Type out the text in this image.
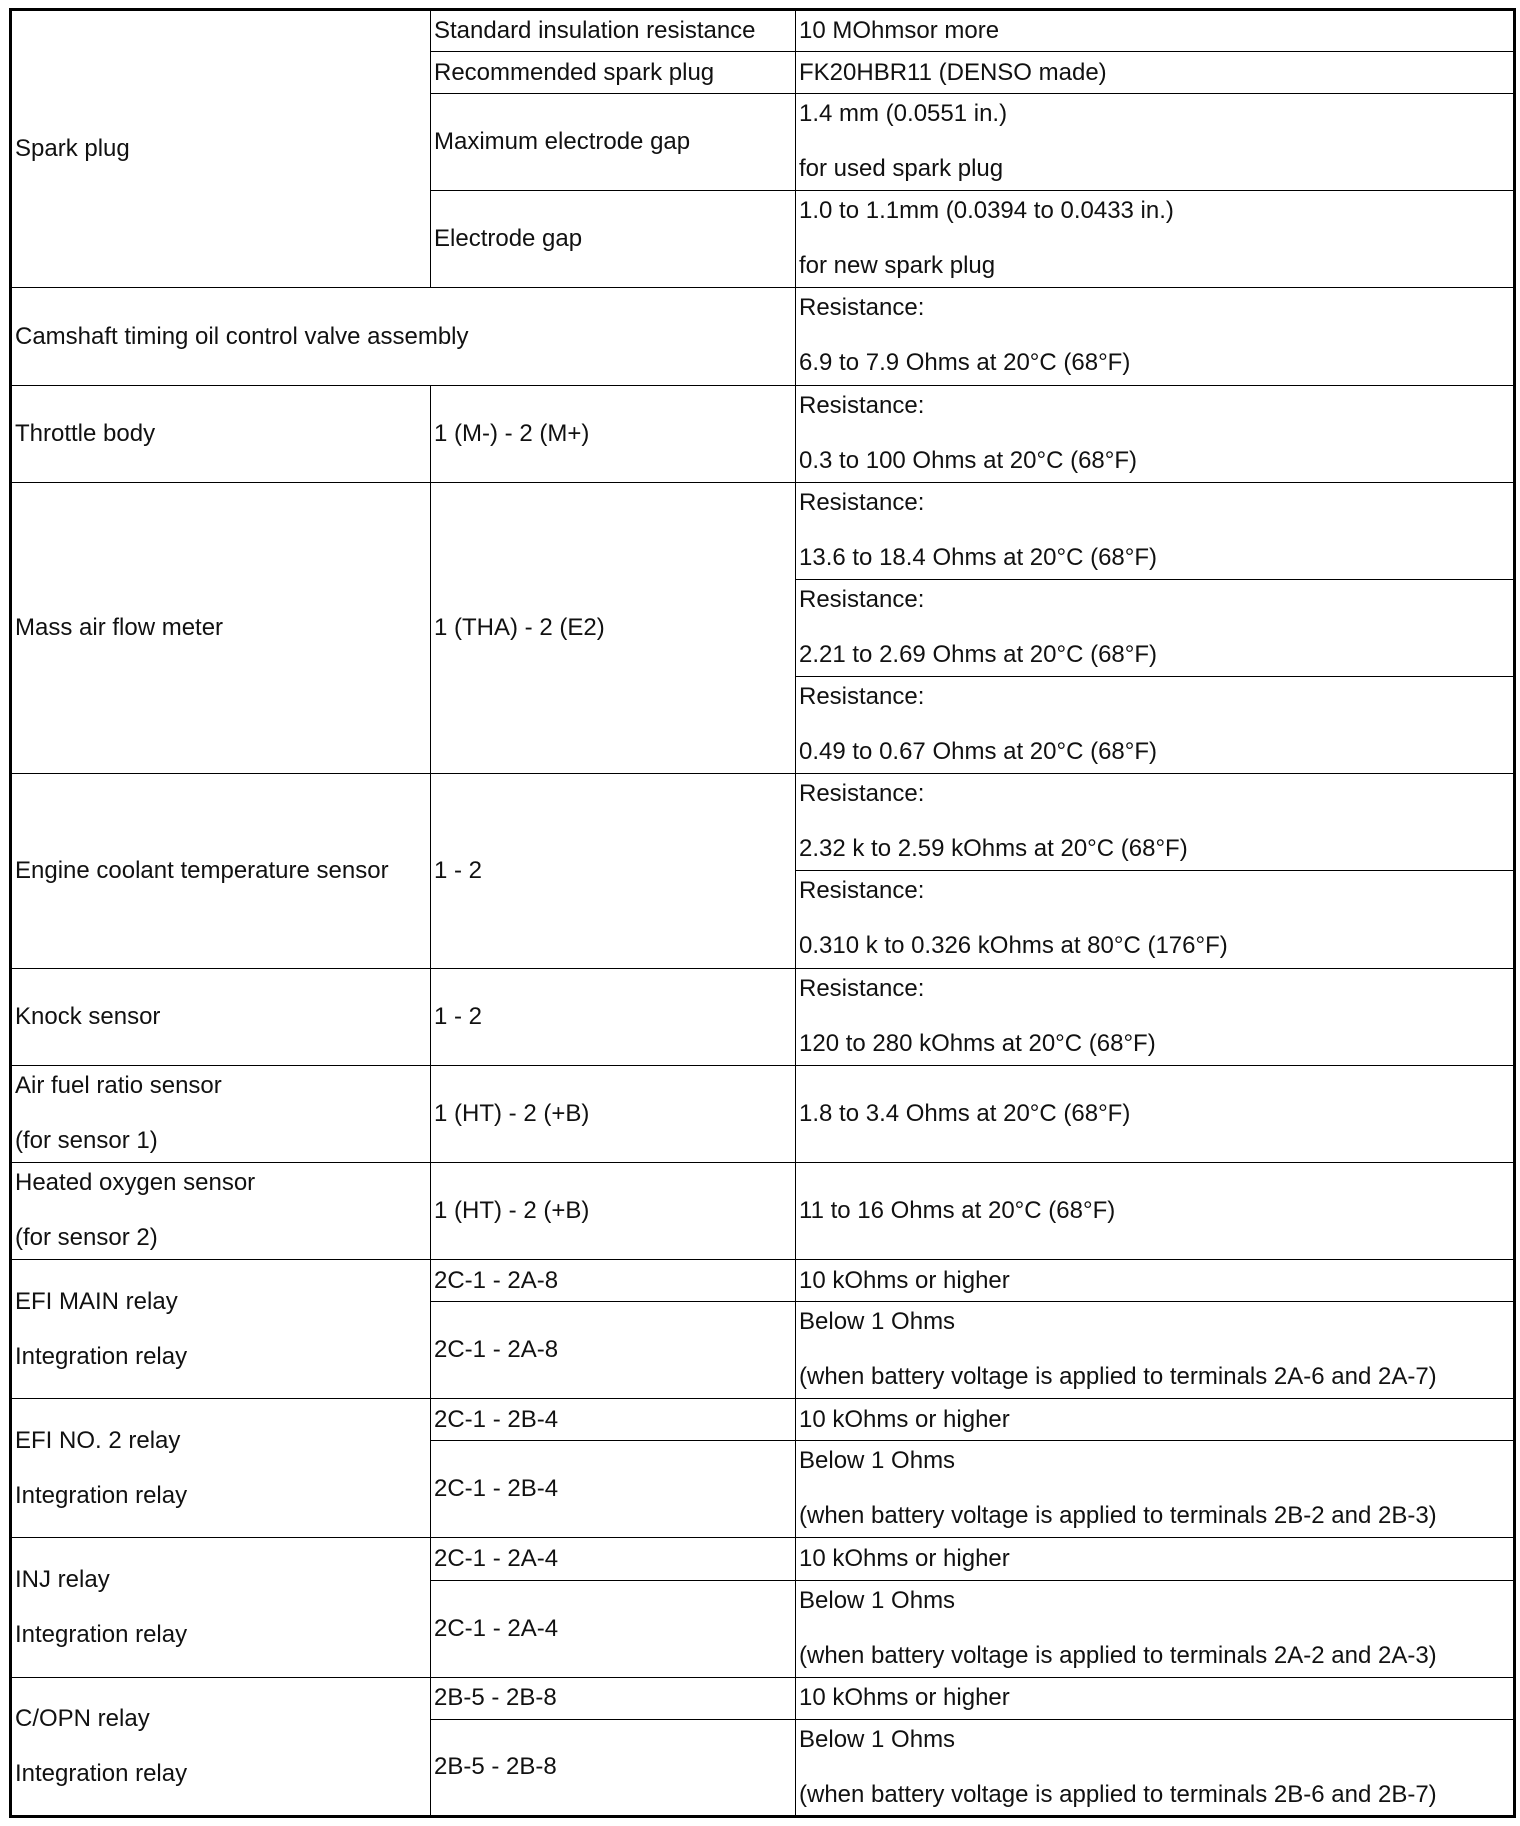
Spark plug	Standard insulation resistance	10 MOhmsor more
	Recommended spark plug	FK20HBR11 (DENSO made)
	Maximum electrode gap	1.4 mm (0.0551 in.)
for used spark plug

	Electrode gap	1.0 to 1.1mm (0.0394 to 0.0433 in.)
for new spark plug

Camshaft timing oil control valve assembly		Resistance:
6.9 to 7.9 Ohms at 20°C (68°F)

Throttle body	1 (M-) - 2 (M+)	Resistance:
0.3 to 100 Ohms at 20°C (68°F)

Mass air flow meter	1 (THA) - 2 (E2)	Resistance:
13.6 to 18.4 Ohms at 20°C (68°F)

		Resistance:
2.21 to 2.69 Ohms at 20°C (68°F)

		Resistance:
0.49 to 0.67 Ohms at 20°C (68°F)

Engine coolant temperature sensor	1 - 2	Resistance:
2.32 k to 2.59 kOhms at 20°C (68°F)

		Resistance:
0.310 k to 0.326 kOhms at 80°C (176°F)

Knock sensor	1 - 2	Resistance:
120 to 280 kOhms at 20°C (68°F)

Air fuel ratio sensor
(for sensor 1)	1 (HT) - 2 (+B)	1.8 to 3.4 Ohms at 20°C (68°F)

Heated oxygen sensor
(for sensor 2)	1 (HT) - 2 (+B)	11 to 16 Ohms at 20°C (68°F)
EFI MAIN relay
Integration relay	2C-1 - 2A-8	10 kOhms or higher
	2C-1 - 2A-8	Below 1 Ohms
(when battery voltage is applied to terminals 2A-6 and 2A-7)

EFI NO. 2 relay
Integration relay	2C-1 - 2B-4	10 kOhms or higher
	2C-1 - 2B-4	Below 1 Ohms
(when battery voltage is applied to terminals 2B-2 and 2B-3)

INJ relay
Integration relay	2C-1 - 2A-4	10 kOhms or higher
	2C-1 - 2A-4	Below 1 Ohms
(when battery voltage is applied to terminals 2A-2 and 2A-3)

C/OPN relay
Integration relay	2B-5 - 2B-8	10 kOhms or higher
	2B-5 - 2B-8	Below 1 Ohms
(when battery voltage is applied to terminals 2B-6 and 2B-7)
